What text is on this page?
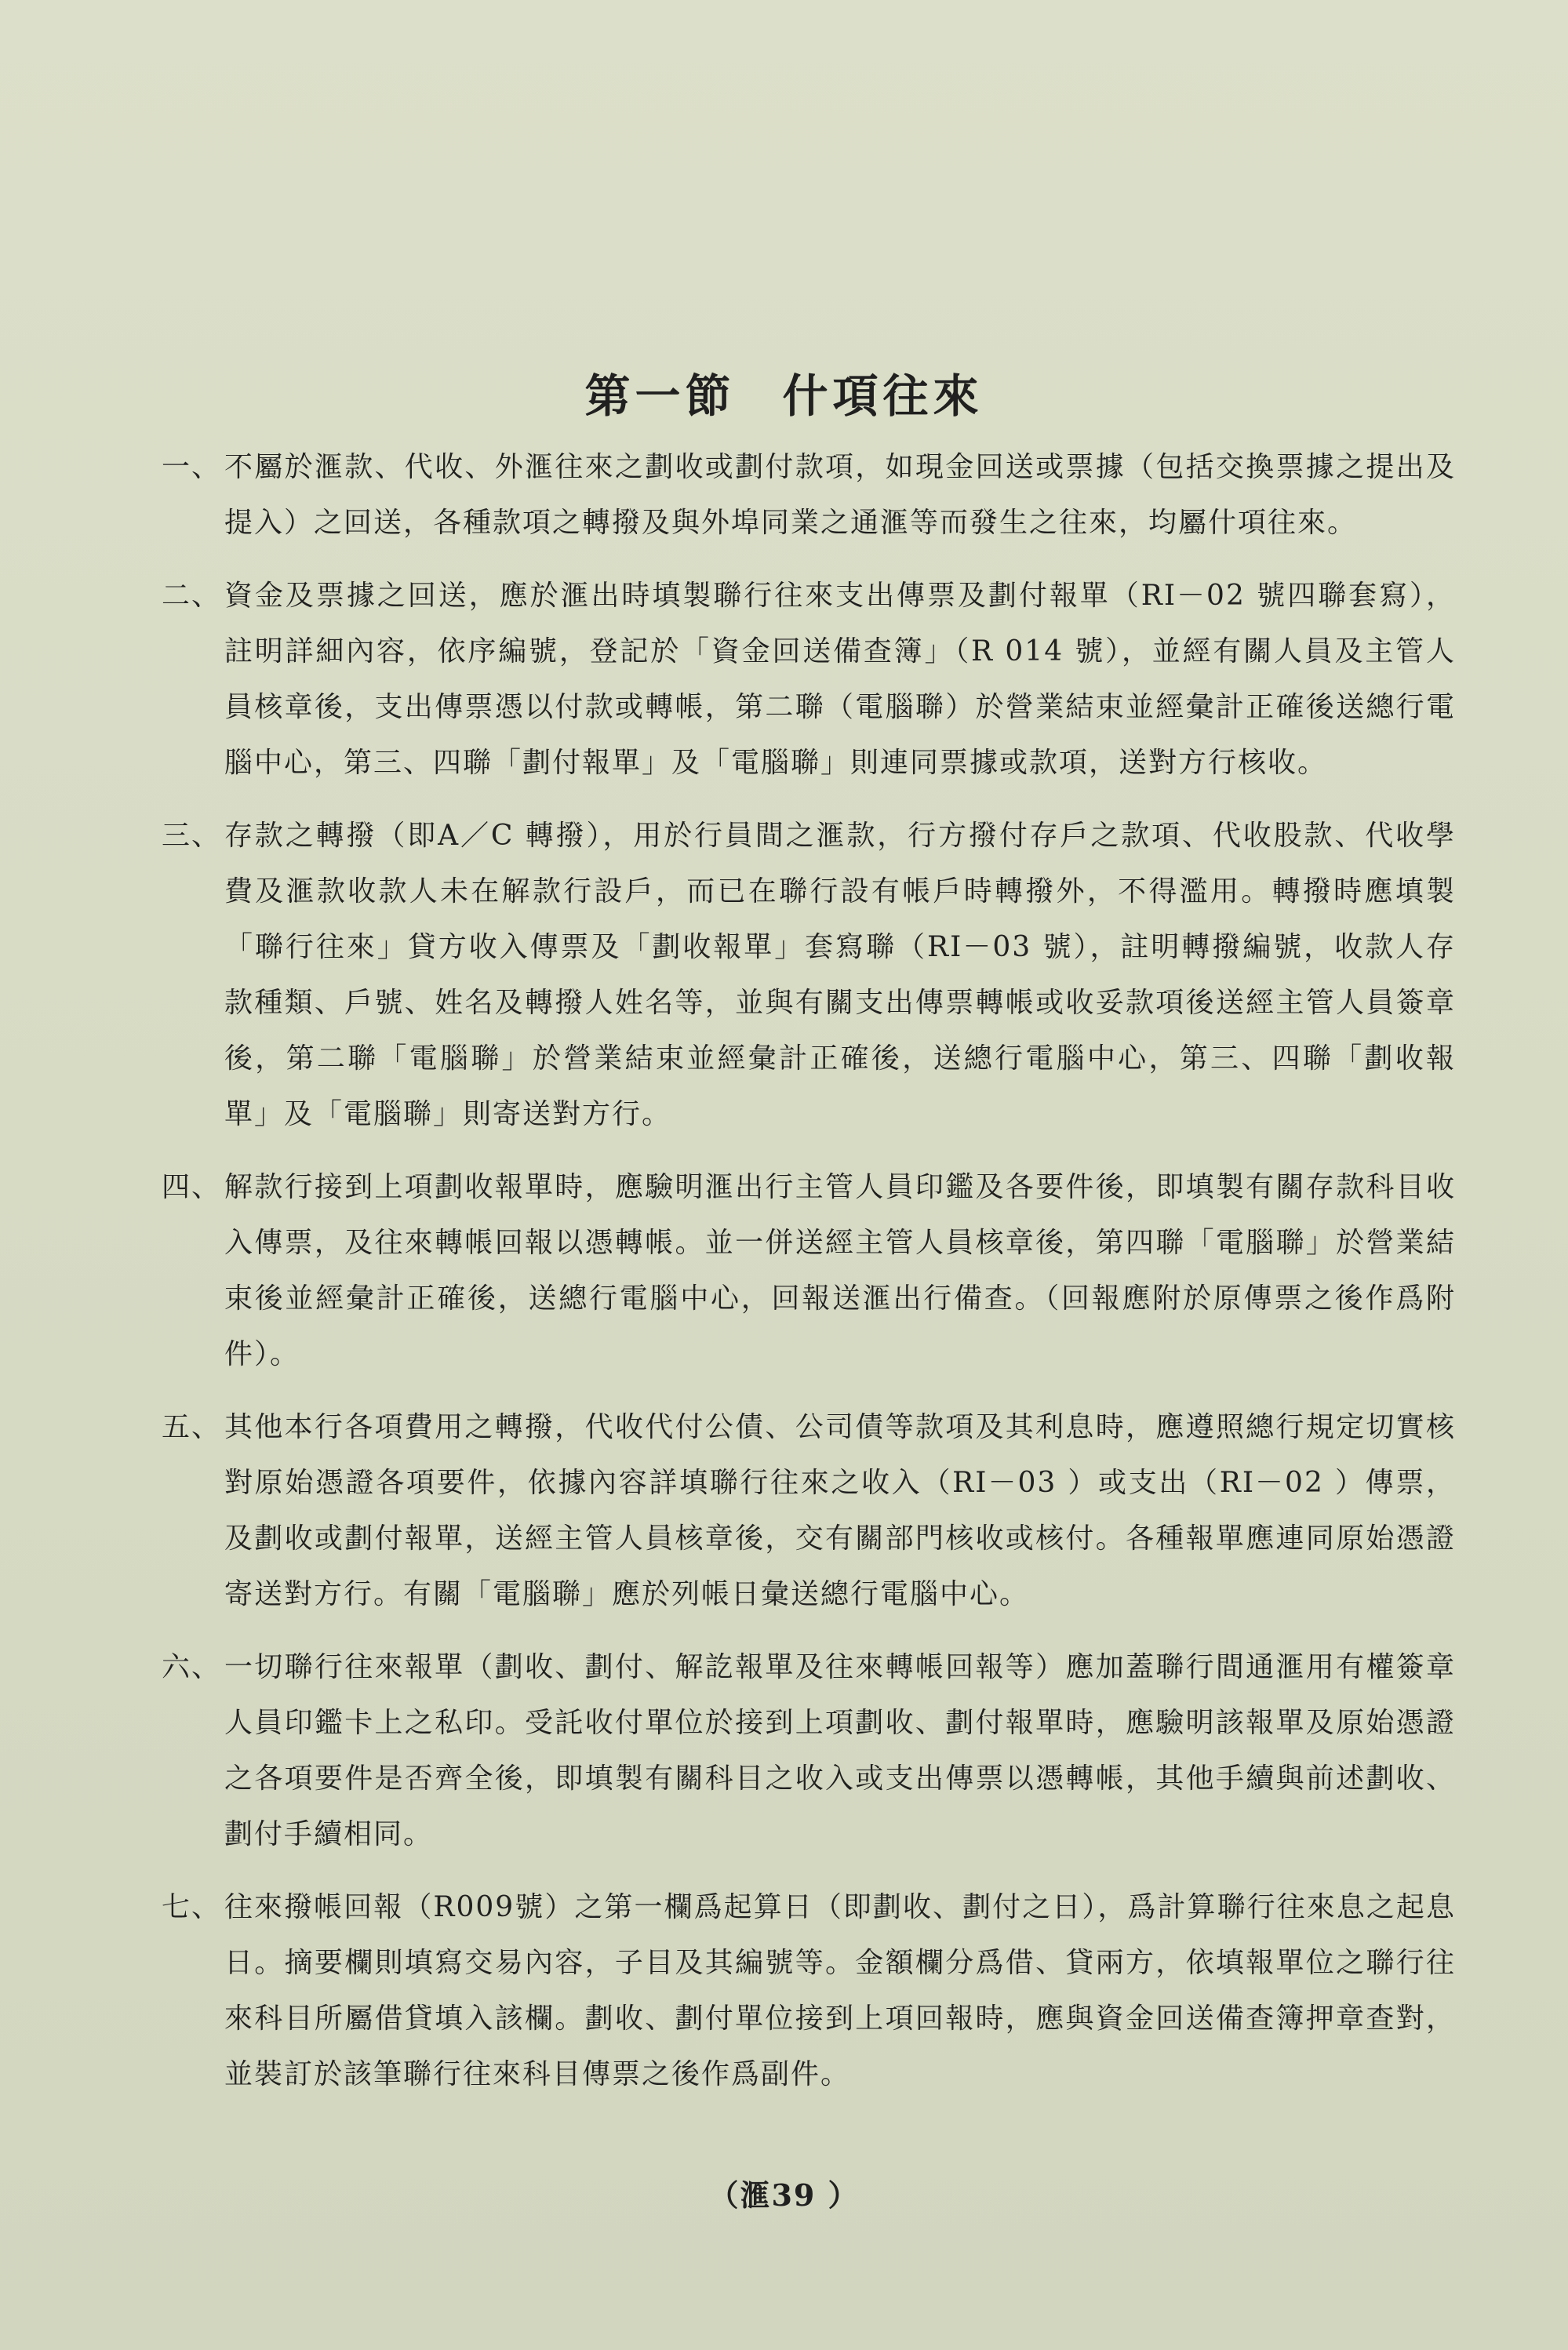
第一節 什項往來
一、 不屬於滙款、代收、外滙往來之劃收或劃付款項，如現金回送或票據（包括交換票據之提出及提入）之回送，各種款項之轉撥及與外埠同業之通滙等而發生之往來，均屬什項往來。
二、 資金及票據之回送，應於滙出時填製聯行往來支出傳票及劃付報單（RI－02 號四聯套寫），註明詳細內容，依序編號，登記於「資金回送備查簿」（R 014 號），並經有關人員及主管人員核章後，支出傳票憑以付款或轉帳，第二聯（電腦聯）於營業結束並經彙計正確後送總行電腦中心，第三、四聯「劃付報單」及「電腦聯」則連同票據或款項，送對方行核收。
三、 存款之轉撥（即A／C 轉撥），用於行員間之滙款，行方撥付存戶之款項、代收股款、代收學費及滙款收款人未在解款行設戶，而已在聯行設有帳戶時轉撥外，不得濫用。轉撥時應填製「聯行往來」貸方收入傳票及「劃收報單」套寫聯（RI－03 號），註明轉撥編號，收款人存款種類、戶號、姓名及轉撥人姓名等，並與有關支出傳票轉帳或收妥款項後送經主管人員簽章後，第二聯「電腦聯」於營業結束並經彙計正確後，送總行電腦中心，第三、四聯「劃收報單」及「電腦聯」則寄送對方行。
四、 解款行接到上項劃收報單時，應驗明滙出行主管人員印鑑及各要件後，即填製有關存款科目收入傳票，及往來轉帳回報以憑轉帳。並一併送經主管人員核章後，第四聯「電腦聯」於營業結束後並經彙計正確後，送總行電腦中心，回報送滙出行備查。（回報應附於原傳票之後作爲附件）。
五、 其他本行各項費用之轉撥，代收代付公債、公司債等款項及其利息時，應遵照總行規定切實核對原始憑證各項要件，依據內容詳填聯行往來之收入（RI－03 ）或支出（RI－02 ）傳票，及劃收或劃付報單，送經主管人員核章後，交有關部門核收或核付。各種報單應連同原始憑證寄送對方行。有關「電腦聯」應於列帳日彙送總行電腦中心。
六、 一切聯行往來報單（劃收、劃付、解訖報單及往來轉帳回報等）應加蓋聯行間通滙用有權簽章人員印鑑卡上之私印。受託收付單位於接到上項劃收、劃付報單時，應驗明該報單及原始憑證之各項要件是否齊全後，即填製有關科目之收入或支出傳票以憑轉帳，其他手續與前述劃收、劃付手續相同。
七、 往來撥帳回報（R009號）之第一欄爲起算日（即劃收、劃付之日），爲計算聯行往來息之起息日。摘要欄則填寫交易內容，子目及其編號等。金額欄分爲借、貸兩方，依填報單位之聯行往來科目所屬借貸填入該欄。劃收、劃付單位接到上項回報時，應與資金回送備查簿押章查對，並裝訂於該筆聯行往來科目傳票之後作爲副件。
（滙39 ）
